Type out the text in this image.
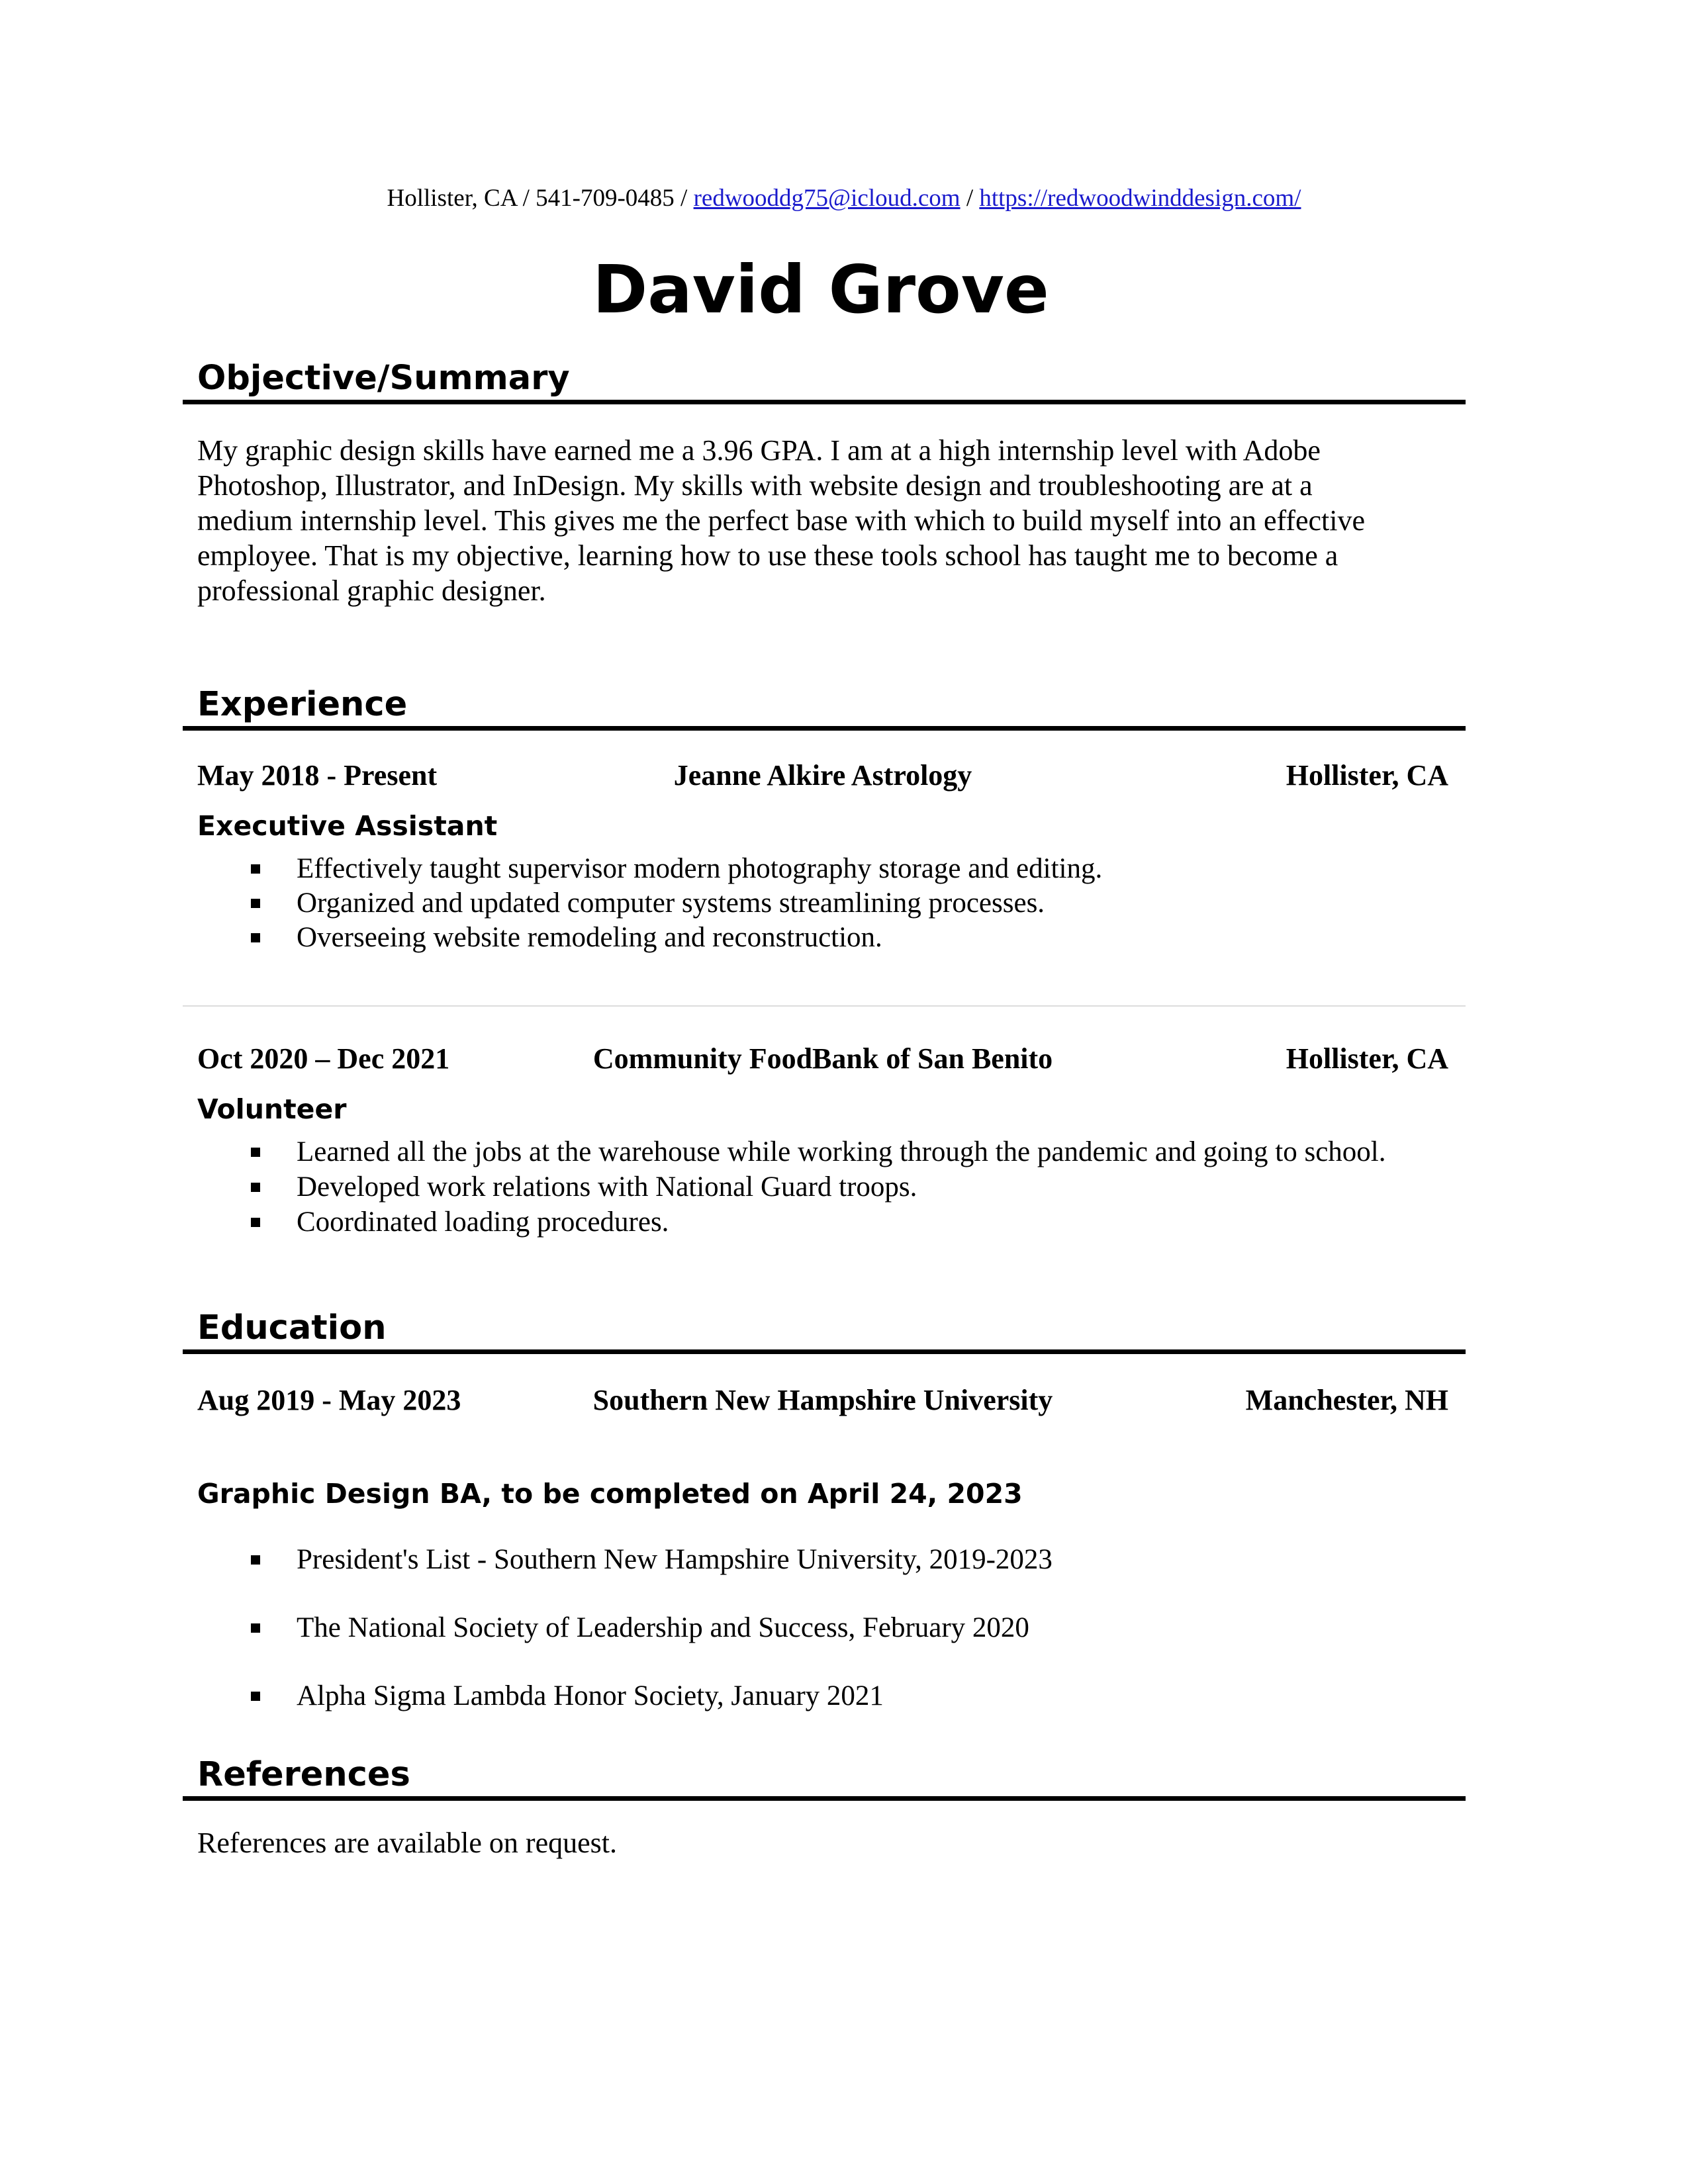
Hollister, CA / 541-709-0485 / redwooddg75@icloud.com / https://redwoodwinddesign.com/
David Grove
Objective/Summary
My graphic design skills have earned me a 3.96 GPA. I am at a high internship level with Adobe
Photoshop, Illustrator, and InDesign. My skills with website design and troubleshooting are at a
medium internship level. This gives me the perfect base with which to build myself into an effective
employee. That is my objective, learning how to use these tools school has taught me to become a
professional graphic designer.
Experience
May 2018 - Present	Jeanne Alkire Astrology	Hollister, CA
Executive Assistant
Effectively taught supervisor modern photography storage and editing.
Organized and updated computer systems streamlining processes.
Overseeing website remodeling and reconstruction.
Oct 2020 – Dec 2021	Community FoodBank of San Benito	Hollister, CA
Volunteer
Learned all the jobs at the warehouse while working through the pandemic and going to school.
Developed work relations with National Guard troops.
Coordinated loading procedures.
Education
Aug 2019 - May 2023	Southern New Hampshire University	Manchester, NH
Graphic Design BA, to be completed on April 24, 2023
President's List - Southern New Hampshire University, 2019-2023
The National Society of Leadership and Success, February 2020
Alpha Sigma Lambda Honor Society, January 2021
References
References are available on request.
